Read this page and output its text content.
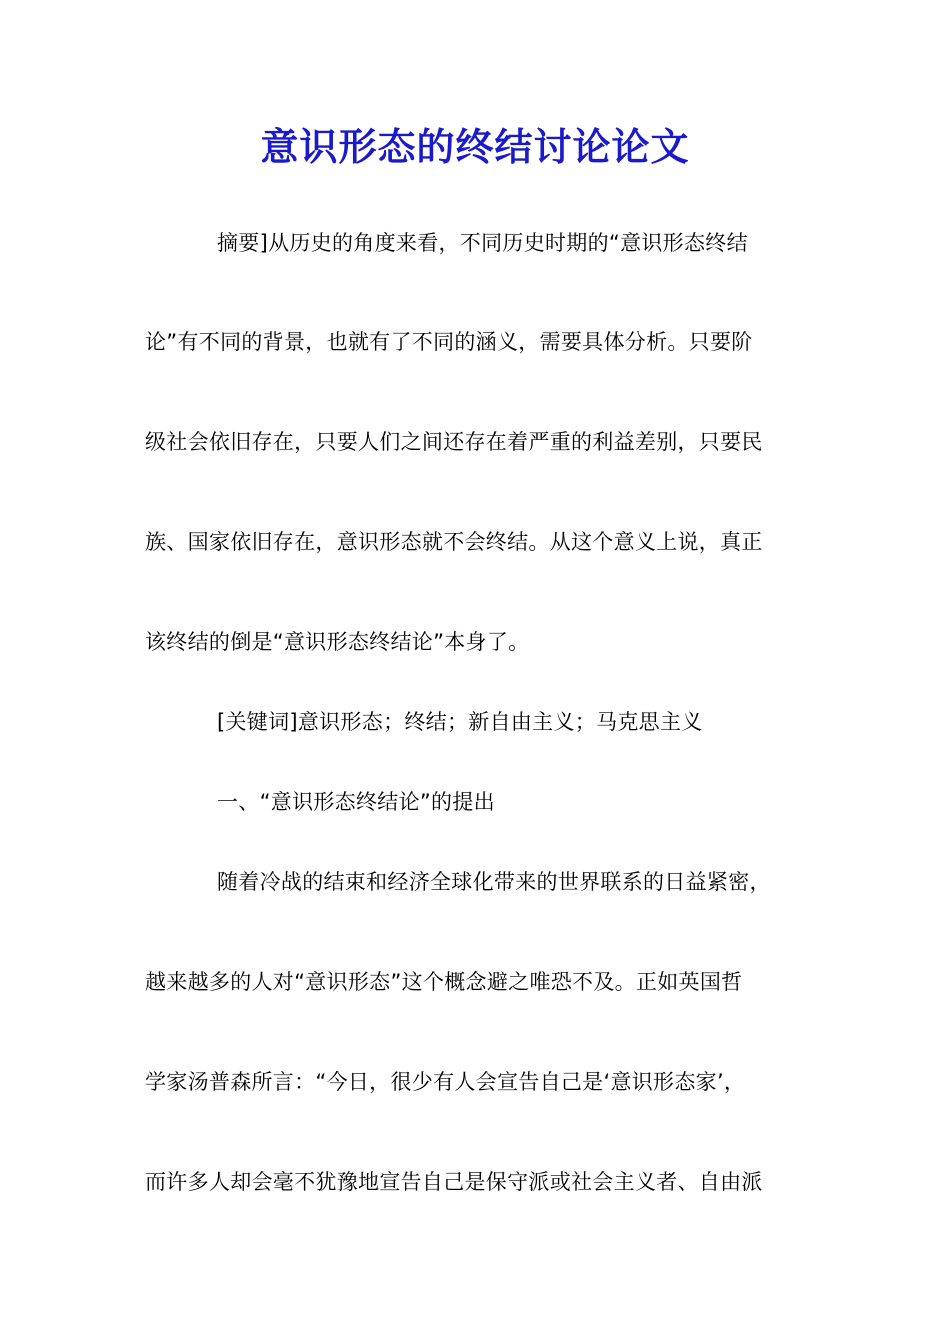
意识形态的终结讨论论文
摘要]从历史的角度来看，不同历史时期的“意识形态终结
论”有不同的背景，也就有了不同的涵义，需要具体分析。只要阶
级社会依旧存在，只要人们之间还存在着严重的利益差别，只要民
族、国家依旧存在，意识形态就不会终结。从这个意义上说，真正
该终结的倒是“意识形态终结论”本身了。
[关键词]意识形态；终结；新自由主义；马克思主义
一、“意识形态终结论”的提出
随着冷战的结束和经济全球化带来的世界联系的日益紧密，
越来越多的人对“意识形态”这个概念避之唯恐不及。正如英国哲
学家汤普森所言：“今日，很少有人会宣告自己是‘意识形态家’，
而许多人却会毫不犹豫地宣告自己是保守派或社会主义者、自由派
